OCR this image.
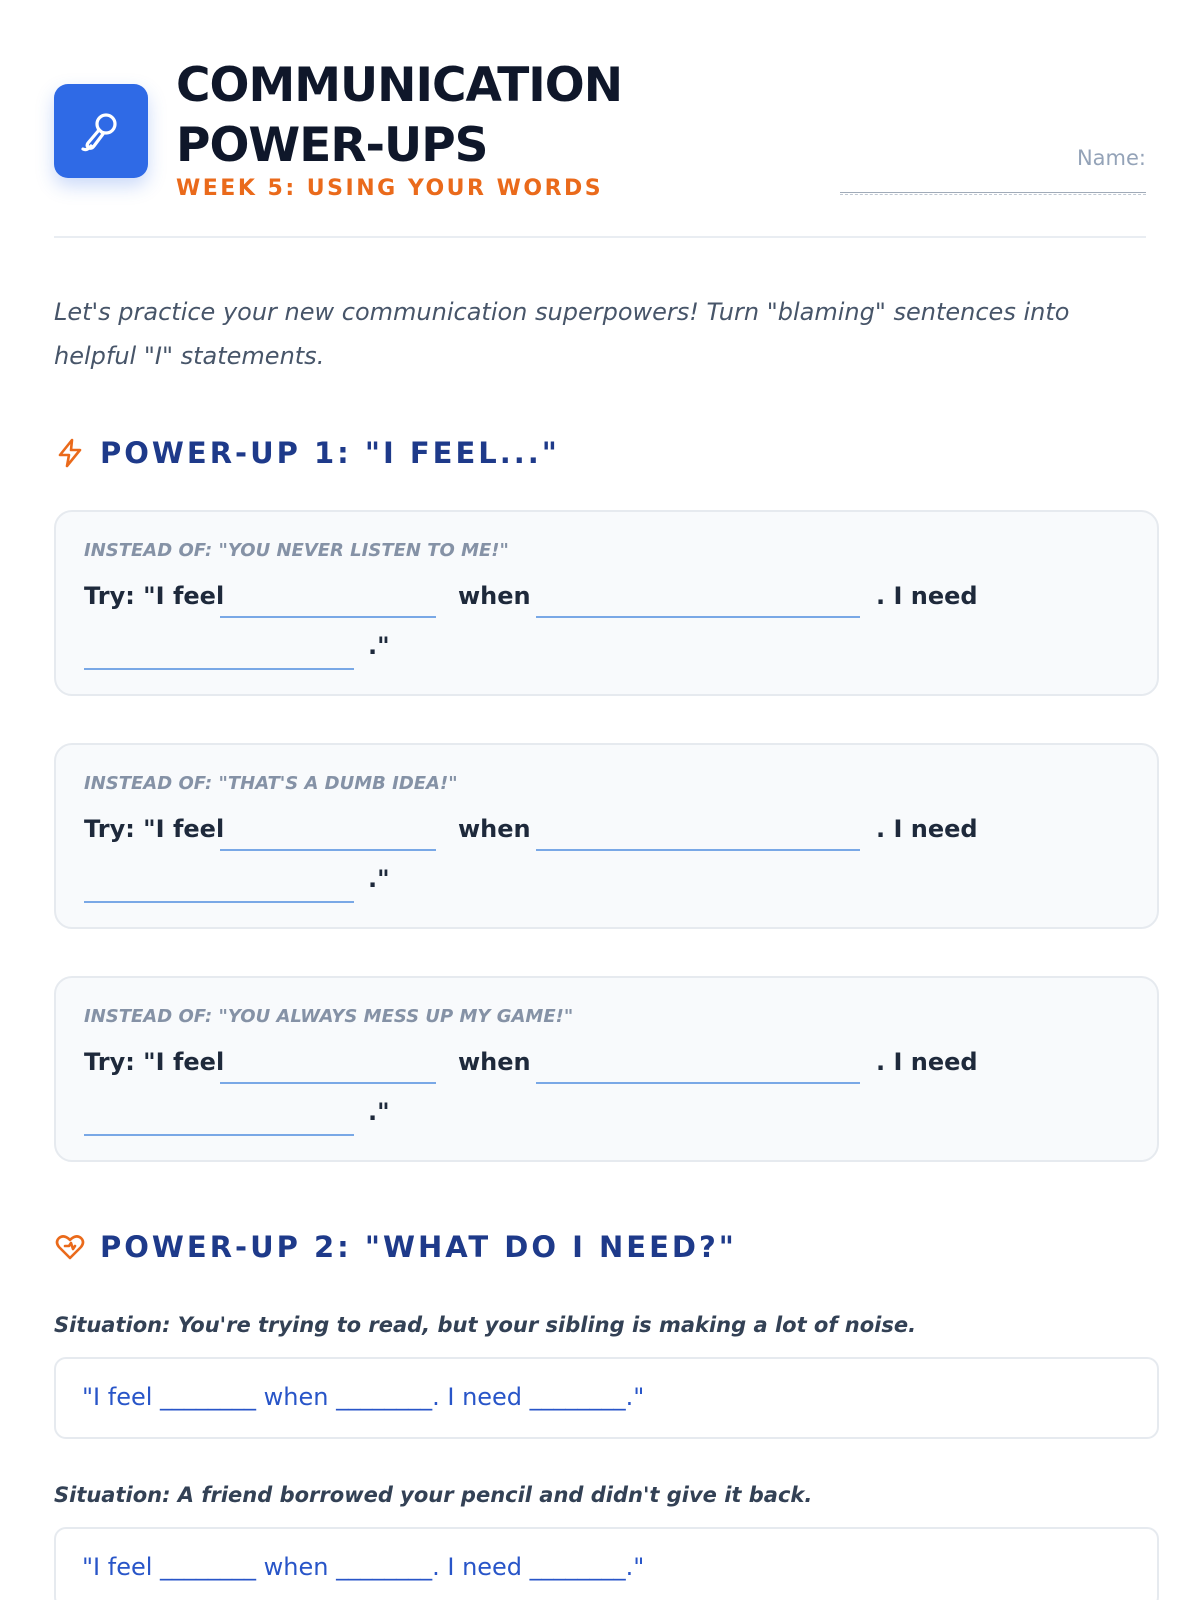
COMMUNICATION
POWER-UPS
WEEK 5: USING YOUR WORDS
Name:

Let's practice your new communication superpowers! Turn "blaming" sentences into helpful "I" statements.

POWER-UP 1: "I FEEL..."
INSTEAD OF: "YOU NEVER LISTEN TO ME!"
Try: "I feel	when	. I need
."
INSTEAD OF: "THAT'S A DUMB IDEA!"
Try: "I feel	when	. I need
."
INSTEAD OF: "YOU ALWAYS MESS UP MY GAME!"
Try: "I feel	when	. I need
."
POWER-UP 2: "WHAT DO I NEED?"
Situation: You're trying to read, but your sibling is making a lot of noise.
"I feel ________ when ________. I need ________."
Situation: A friend borrowed your pencil and didn't give it back.
"I feel ________ when ________. I need ________."
